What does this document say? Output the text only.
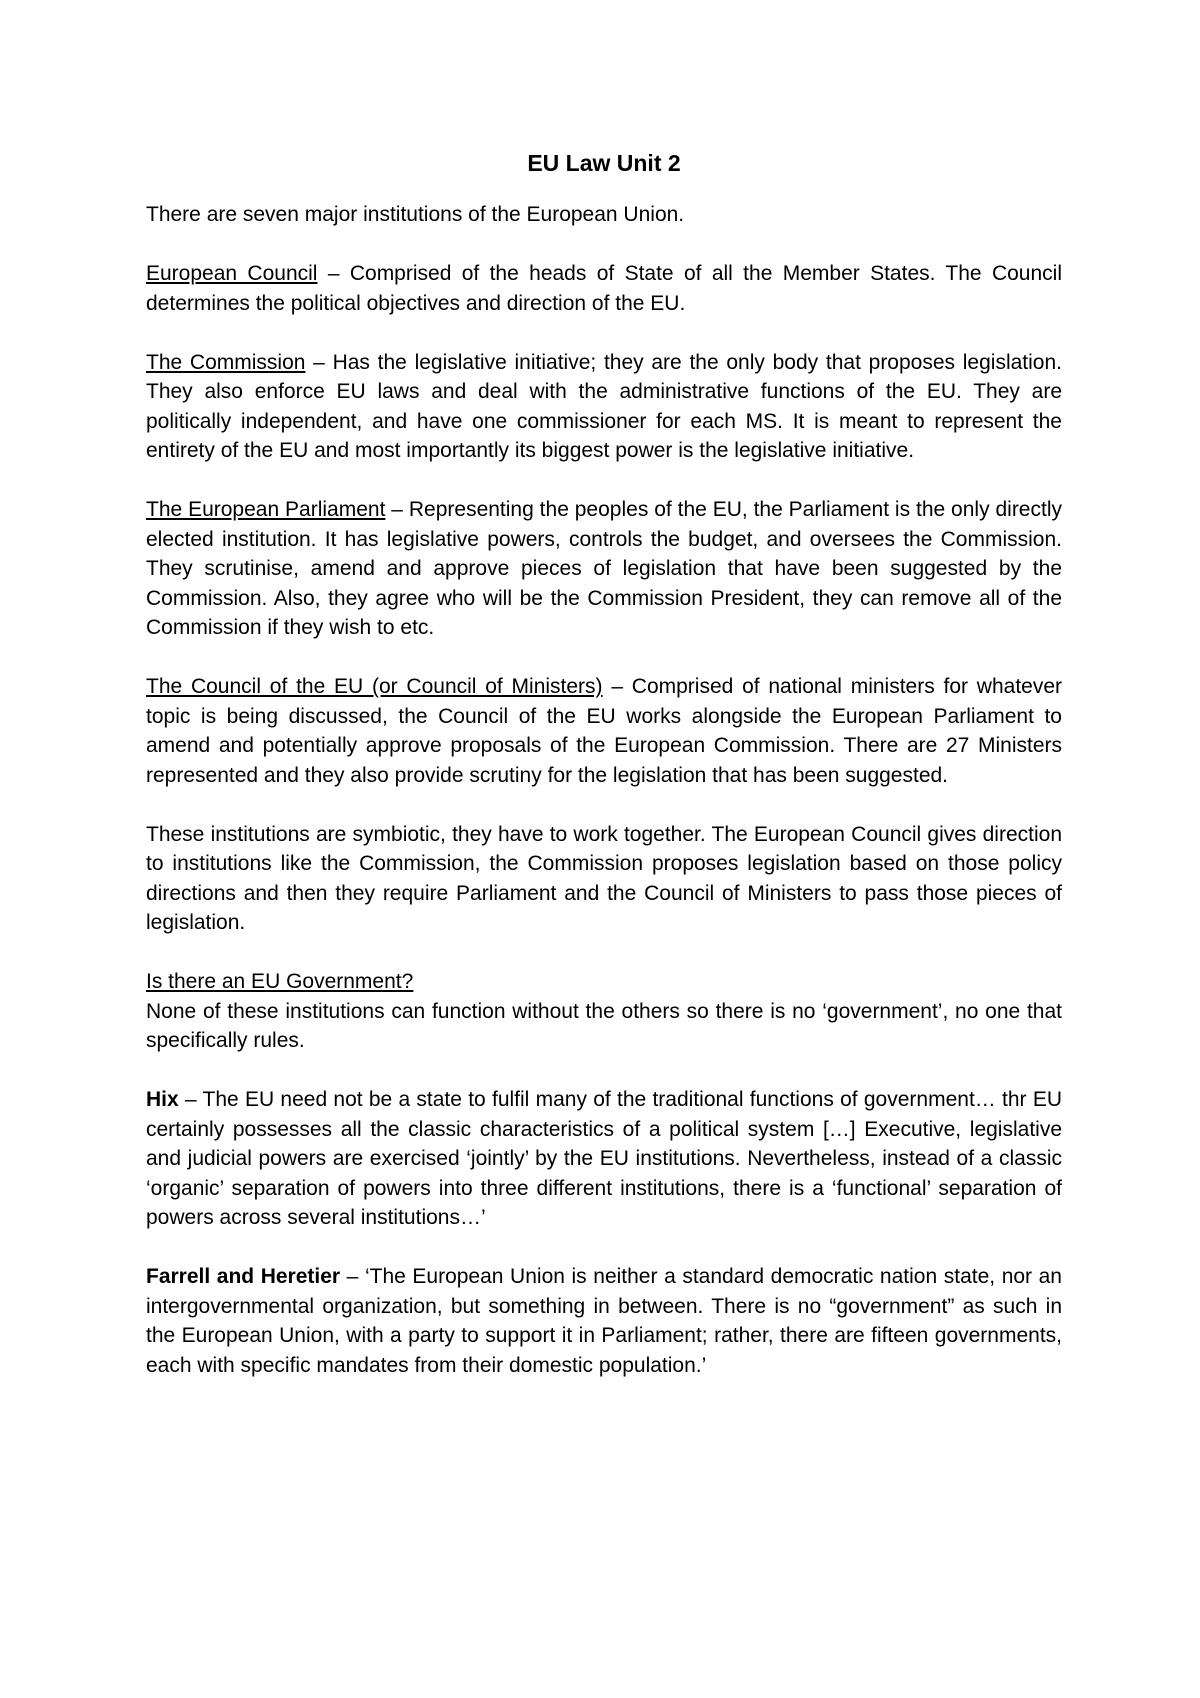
EU Law Unit 2

There are seven major institutions of the European Union.

European Council – Comprised of the heads of State of all the Member States. The Council determines the political objectives and direction of the EU.

The Commission – Has the legislative initiative; they are the only body that proposes legislation. They also enforce EU laws and deal with the administrative functions of the EU. They are politically independent, and have one commissioner for each MS. It is meant to represent the entirety of the EU and most importantly its biggest power is the legislative initiative.

The European Parliament – Representing the peoples of the EU, the Parliament is the only directly elected institution. It has legislative powers, controls the budget, and oversees the Commission. They scrutinise, amend and approve pieces of legislation that have been suggested by the Commission. Also, they agree who will be the Commission President, they can remove all of the Commission if they wish to etc.

The Council of the EU (or Council of Ministers) – Comprised of national ministers for whatever topic is being discussed, the Council of the EU works alongside the European Parliament to amend and potentially approve proposals of the European Commission. There are 27 Ministers represented and they also provide scrutiny for the legislation that has been suggested.

These institutions are symbiotic, they have to work together. The European Council gives direction to institutions like the Commission, the Commission proposes legislation based on those policy directions and then they require Parliament and the Council of Ministers to pass those pieces of legislation.

Is there an EU Government?

None of these institutions can function without the others so there is no ‘government’, no one that specifically rules.

Hix – The EU need not be a state to fulfil many of the traditional functions of government… thr EU certainly possesses all the classic characteristics of a political system […] Executive, legislative and judicial powers are exercised ‘jointly’ by the EU institutions. Nevertheless, instead of a classic ‘organic’ separation of powers into three different institutions, there is a ‘functional’ separation of powers across several institutions…’

Farrell and Heretier – ‘The European Union is neither a standard democratic nation state, nor an intergovernmental organization, but something in between. There is no “government” as such in the European Union, with a party to support it in Parliament; rather, there are fifteen governments, each with specific mandates from their domestic population.’
